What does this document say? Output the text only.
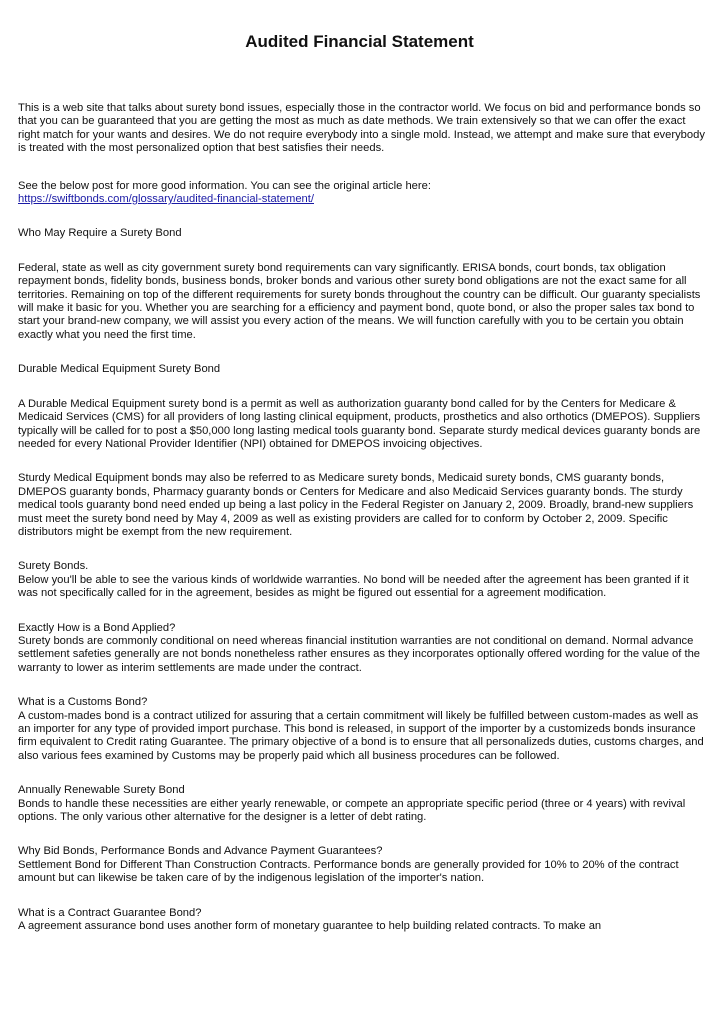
Audited Financial Statement

This is a web site that talks about surety bond issues, especially those in the contractor world. We focus on bid and performance bonds so that you can be guaranteed that you are getting the most as much as date methods. We train extensively so that we can offer the exact right match for your wants and desires. We do not require everybody into a single mold. Instead, we attempt and make sure that everybody is treated with the most personalized option that best satisfies their needs.

See the below post for more good information. You can see the original article here:

https://swiftbonds.com/glossary/audited-financial-statement/

Who May Require a Surety Bond

Federal, state as well as city government surety bond requirements can vary significantly. ERISA bonds, court bonds, tax obligation repayment bonds, fidelity bonds, business bonds, broker bonds and various other surety bond obligations are not the exact same for all territories. Remaining on top of the different requirements for surety bonds throughout the country can be difficult. Our guaranty specialists will make it basic for you. Whether you are searching for a efficiency and payment bond, quote bond, or also the proper sales tax bond to start your brand-new company, we will assist you every action of the means. We will function carefully with you to be certain you obtain exactly what you need the first time.

Durable Medical Equipment Surety Bond

A Durable Medical Equipment surety bond is a permit as well as authorization guaranty bond called for by the Centers for Medicare & Medicaid Services (CMS) for all providers of long lasting clinical equipment, products, prosthetics and also orthotics (DMEPOS). Suppliers typically will be called for to post a $50,000 long lasting medical tools guaranty bond. Separate sturdy medical devices guaranty bonds are needed for every National Provider Identifier (NPI) obtained for DMEPOS invoicing objectives.

Sturdy Medical Equipment bonds may also be referred to as Medicare surety bonds, Medicaid surety bonds, CMS guaranty bonds, DMEPOS guaranty bonds, Pharmacy guaranty bonds or Centers for Medicare and also Medicaid Services guaranty bonds. The sturdy medical tools guaranty bond need ended up being a last policy in the Federal Register on January 2, 2009. Broadly, brand-new suppliers must meet the surety bond need by May 4, 2009 as well as existing providers are called for to conform by October 2, 2009. Specific distributors might be exempt from the new requirement.

Surety Bonds.

Below you'll be able to see the various kinds of worldwide warranties. No bond will be needed after the agreement has been granted if it was not specifically called for in the agreement, besides as might be figured out essential for a agreement modification.

Exactly How is a Bond Applied?

Surety bonds are commonly conditional on need whereas financial institution warranties are not conditional on demand. Normal advance settlement safeties generally are not bonds nonetheless rather ensures as they incorporates optionally offered wording for the value of the warranty to lower as interim settlements are made under the contract.

What is a Customs Bond?

A custom-mades bond is a contract utilized for assuring that a certain commitment will likely be fulfilled between custom-mades as well as an importer for any type of provided import purchase. This bond is released, in support of the importer by a customizeds bonds insurance firm equivalent to Credit rating Guarantee. The primary objective of a bond is to ensure that all personalizeds duties, customs charges, and also various fees examined by Customs may be properly paid which all business procedures can be followed.

Annually Renewable Surety Bond

Bonds to handle these necessities are either yearly renewable, or compete an appropriate specific period (three or 4 years) with revival options. The only various other alternative for the designer is a letter of debt rating.

Why Bid Bonds, Performance Bonds and Advance Payment Guarantees?

Settlement Bond for Different Than Construction Contracts. Performance bonds are generally provided for 10% to 20% of the contract amount but can likewise be taken care of by the indigenous legislation of the importer's nation.

What is a Contract Guarantee Bond?

A agreement assurance bond uses another form of monetary guarantee to help building related contracts. To make an
